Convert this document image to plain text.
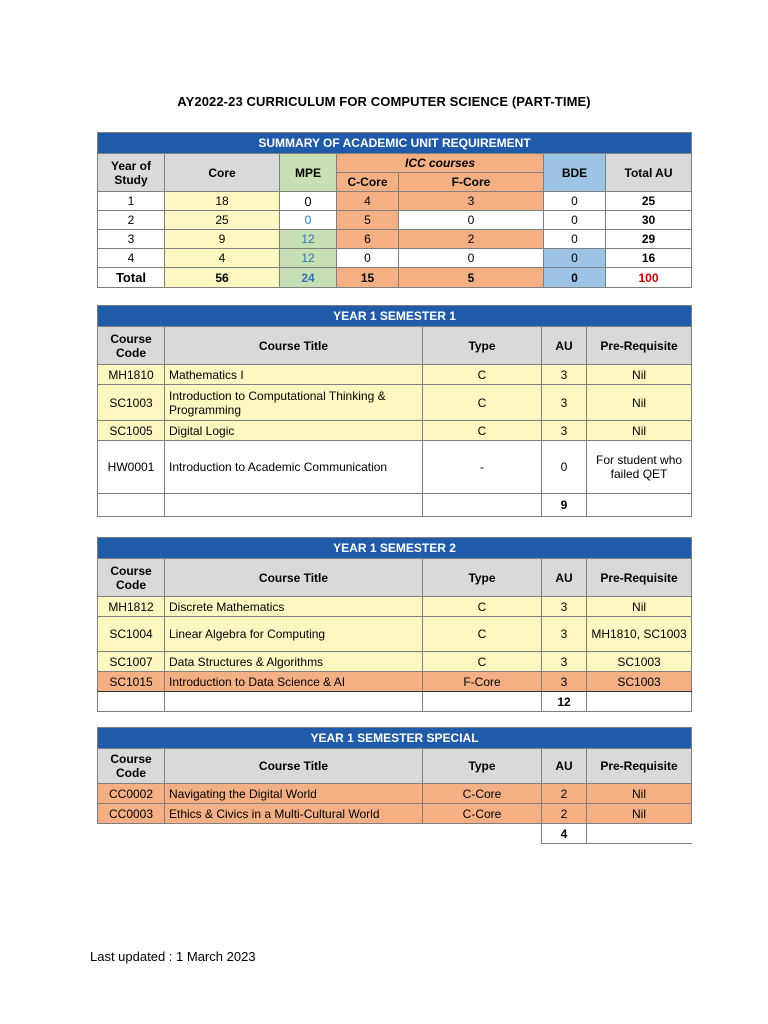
AY2022-23 CURRICULUM FOR COMPUTER SCIENCE (PART-TIME)
SUMMARY OF ACADEMIC UNIT REQUIREMENT						
Year of Study	Core	MPE	ICC courses		BDE	Total AU
			C-Core	F-Core		
1	18	0	4	3	0	25
2	25	0	5	0	0	30
3	9	12	6	2	0	29
4	4	12	0	0	0	16
Total	56	24	15	5	0	100
YEAR 1 SEMESTER 1				
Course Code	Course Title	Type	AU	Pre-Requisite
MH1810	Mathematics I	C	3	Nil
SC1003	Introduction to Computational Thinking & Programming	C	3	Nil
SC1005	Digital Logic	C	3	Nil
HW0001	Introduction to Academic Communication	-	0	For student who failed QET
			9	
YEAR 1 SEMESTER 2				
Course Code	Course Title	Type	AU	Pre-Requisite
MH1812	Discrete Mathematics	C	3	Nil
SC1004	Linear Algebra for Computing	C	3	MH1810, SC1003
SC1007	Data Structures & Algorithms	C	3	SC1003
SC1015	Introduction to Data Science & AI	F-Core	3	SC1003
			12	
YEAR 1 SEMESTER SPECIAL				
Course Code	Course Title	Type	AU	Pre-Requisite
CC0002	Navigating the Digital World	C-Core	2	Nil
CC0003	Ethics & Civics in a Multi-Cultural World	C-Core	2	Nil
			4	
Last updated : 1 March 2023
